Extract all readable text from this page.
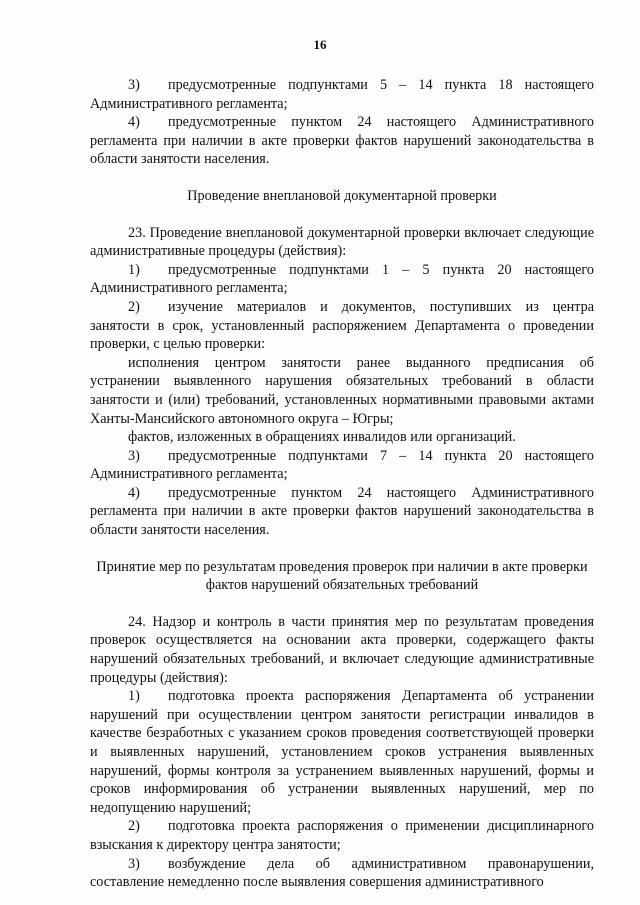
16

3) предусмотренные подпунктами 5 – 14 пункта 18 настоящего Административного регламента;

4) предусмотренные пунктом 24 настоящего Административного регламента при наличии в акте проверки фактов нарушений законодательства в области занятости населения.

Проведение внеплановой документарной проверки

23. Проведение внеплановой документарной проверки включает следующие административные процедуры (действия):

1) предусмотренные подпунктами 1 – 5 пункта 20 настоящего Административного регламента;

2) изучение материалов и документов, поступивших из центра занятости в срок, установленный распоряжением Департамента о проведении проверки, с целью проверки:

исполнения центром занятости ранее выданного предписания об устранении выявленного нарушения обязательных требований в области занятости и (или) требований, установленных нормативными правовыми актами Ханты-Мансийского автономного округа – Югры;

фактов, изложенных в обращениях инвалидов или организаций.

3) предусмотренные подпунктами 7 – 14 пункта 20 настоящего Административного регламента;

4) предусмотренные пунктом 24 настоящего Административного регламента при наличии в акте проверки фактов нарушений законодательства в области занятости населения.

Принятие мер по результатам проведения проверок при наличии в акте проверки фактов нарушений обязательных требований

24. Надзор и контроль в части принятия мер по результатам проведения проверок осуществляется на основании акта проверки, содержащего факты нарушений обязательных требований, и включает следующие административные процедуры (действия):

1) подготовка проекта распоряжения Департамента об устранении нарушений при осуществлении центром занятости регистрации инвалидов в качестве безработных с указанием сроков проведения соответствующей проверки и выявленных нарушений, установлением сроков устранения выявленных нарушений, формы контроля за устранением выявленных нарушений, формы и сроков информирования об устранении выявленных нарушений, мер по недопущению нарушений;

2) подготовка проекта распоряжения о применении дисциплинарного взыскания к директору центра занятости;

3) возбуждение дела об административном правонарушении, составление немедленно после выявления совершения административного
